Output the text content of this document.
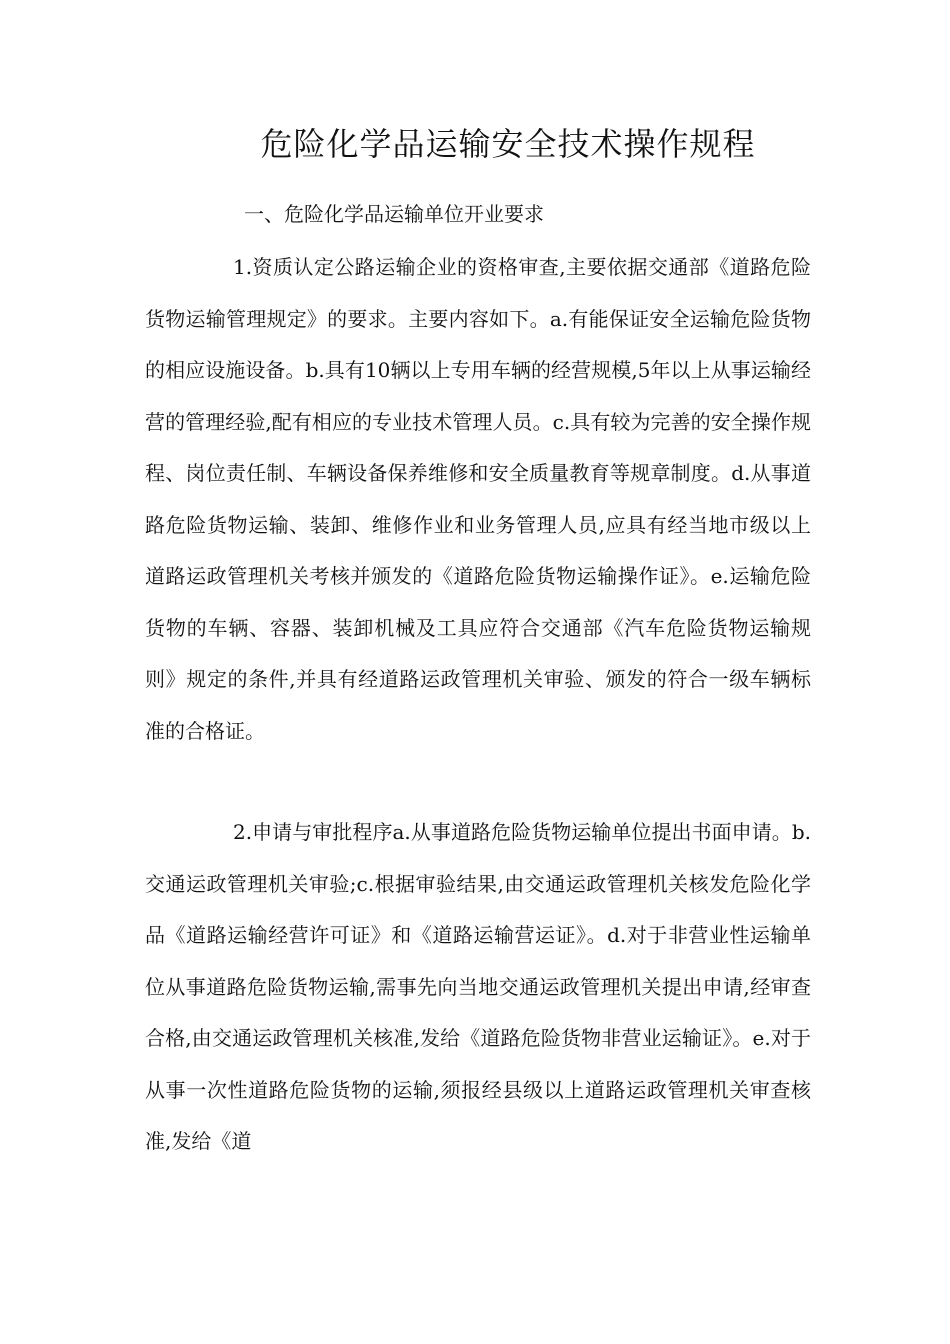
危险化学品运输安全技术操作规程
一、危险化学品运输单位开业要求

1.资质认定公路运输企业的资格审查,主要依据交通部《道路危险货物运输管理规定》的要求。主要内容如下。a.有能保证安全运输危险货物的相应设施设备。b.具有10辆以上专用车辆的经营规模,5年以上从事运输经营的管理经验,配有相应的专业技术管理人员。c.具有较为完善的安全操作规程、岗位责任制、车辆设备保养维修和安全质量教育等规章制度。d.从事道路危险货物运输、装卸、维修作业和业务管理人员,应具有经当地市级以上道路运政管理机关考核并颁发的《道路危险货物运输操作证》。e.运输危险货物的车辆、容器、装卸机械及工具应符合交通部《汽车危险货物运输规则》规定的条件,并具有经道路运政管理机关审验、颁发的符合一级车辆标准的合格证。

2.申请与审批程序a.从事道路危险货物运输单位提出书面申请。b.交通运政管理机关审验;c.根据审验结果,由交通运政管理机关核发危险化学品《道路运输经营许可证》和《道路运输营运证》。d.对于非营业性运输单位从事道路危险货物运输,需事先向当地交通运政管理机关提出申请,经审查合格,由交通运政管理机关核准,发给《道路危险货物非营业运输证》。e.对于从事一次性道路危险货物的运输,须报经县级以上道路运政管理机关审查核准,发给《道
